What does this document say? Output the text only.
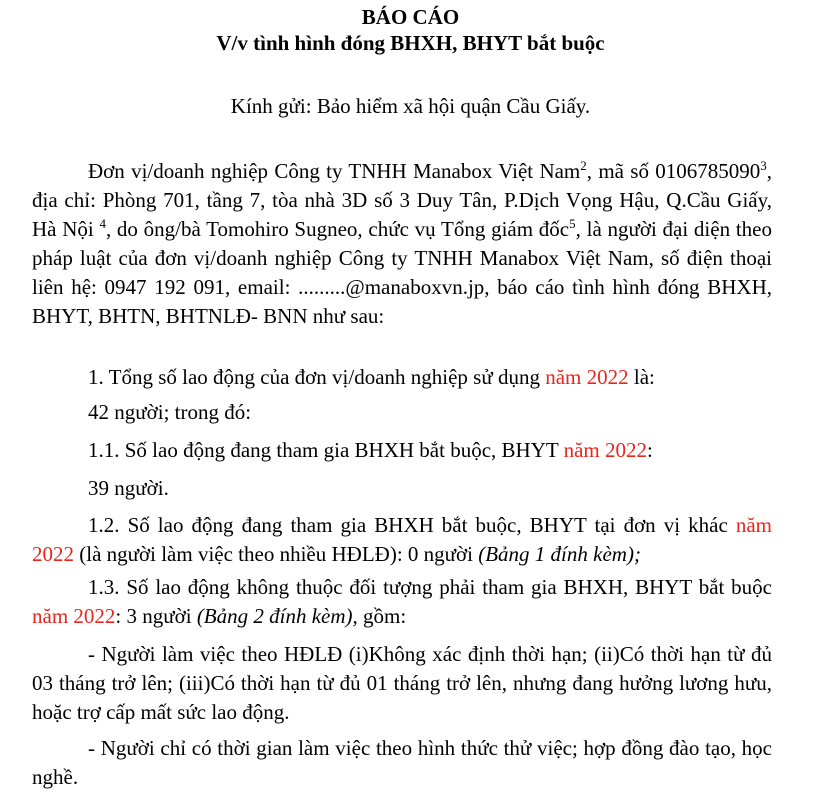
BÁO CÁO
V/v tình hình đóng BHXH, BHYT bắt buộc
Kính gửi: Bảo hiểm xã hội quận Cầu Giấy.

Đơn vị/doanh nghiệp Công ty TNHH Manabox Việt Nam$^2$, mã số 0106785090$^3$, địa chỉ: Phòng 701, tầng 7, tòa nhà 3D số 3 Duy Tân, P.Dịch Vọng Hậu, Q.Cầu Giấy, Hà Nội $^4$, do ông/bà Tomohiro Sugneo, chức vụ Tổng giám đốc$^5$, là người đại diện theo pháp luật của đơn vị/doanh nghiệp Công ty TNHH Manabox Việt Nam, số điện thoại liên hệ: 0947 192 091, email: .........@manaboxvn.jp, báo cáo tình hình đóng BHXH, BHYT, BHTN, BHTNLĐ- BNN như sau:

1. Tổng số lao động của đơn vị/doanh nghiệp sử dụng năm 2022 là:
42 người; trong đó:
1.1. Số lao động đang tham gia BHXH bắt buộc, BHYT năm 2022:
39 người.

1.2. Số lao động đang tham gia BHXH bắt buộc, BHYT tại đơn vị khác năm 2022 (là người làm việc theo nhiều HĐLĐ): 0 người (Bảng 1 đính kèm);

1.3. Số lao động không thuộc đối tượng phải tham gia BHXH, BHYT bắt buộc năm 2022: 3 người (Bảng 2 đính kèm), gồm:

- Người làm việc theo HĐLĐ (i)Không xác định thời hạn; (ii)Có thời hạn từ đủ 03 tháng trở lên; (iii)Có thời hạn từ đủ 01 tháng trở lên, nhưng đang hưởng lương hưu, hoặc trợ cấp mất sức lao động.

- Người chỉ có thời gian làm việc theo hình thức thử việc; hợp đồng đào tạo, học nghề.
